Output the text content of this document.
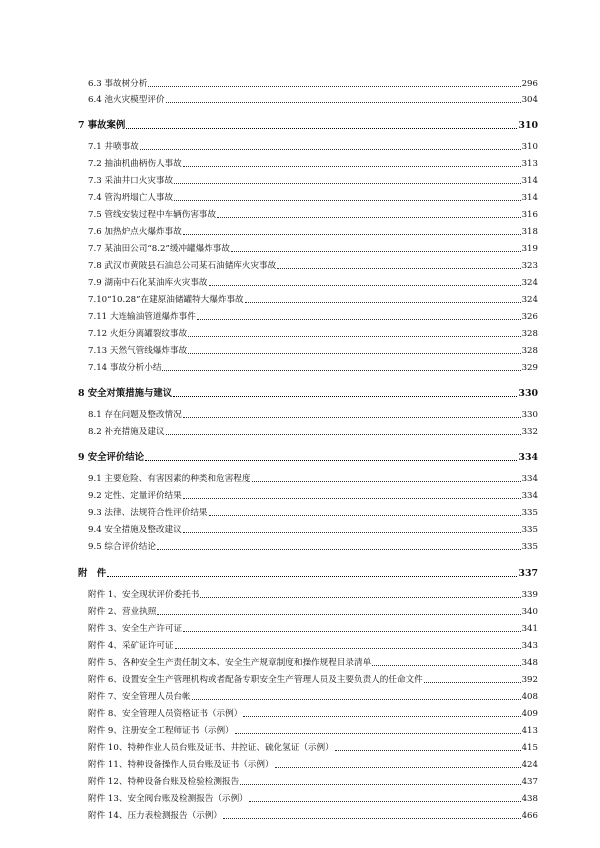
6.3 事故树分析	296
6.4 池火灾模型评价	304
7 事故案例	310
7.1 井喷事故	310
7.2 抽油机曲柄伤人事故	313
7.3 采油井口火灾事故	314
7.4 管沟坍塌亡人事故	314
7.5 管线安装过程中车辆伤害事故	316
7.6 加热炉点火爆炸事故	318
7.7 某油田公司“8.2”缓冲罐爆炸事故	319
7.8 武汉市黄陂县石油总公司某石油储库火灾事故	323
7.9 湖南中石化某油库火灾事故	324
7.10“10.28”在建原油储罐特大爆炸事故	324
7.11 大连输油管道爆炸事件	326
7.12 火炬分离罐裂纹事故	328
7.13 天然气管线爆炸事故	328
7.14 事故分析小结	329
8 安全对策措施与建议	330
8.1 存在问题及整改情况	330
8.2 补充措施及建议	332
9 安全评价结论	334
9.1 主要危险、有害因素的种类和危害程度	334
9.2 定性、定量评价结果	334
9.3 法律、法规符合性评价结果	335
9.4 安全措施及整改建议	335
9.5 综合评价结论	335
附　件	337
附件 1、安全现状评价委托书	339
附件 2、营业执照	340
附件 3、安全生产许可证	341
附件 4、采矿证许可证	343
附件 5、各种安全生产责任制文本、安全生产规章制度和操作规程目录清单	348
附件 6、设置安全生产管理机构或者配备专职安全生产管理人员及主要负责人的任命文件	392
附件 7、安全管理人员台帐	408
附件 8、安全管理人员资格证书（示例）	409
附件 9、注册安全工程师证书（示例）	413
附件 10、特种作业人员台账及证书、井控证、硫化氢证（示例）	415
附件 11、特种设备操作人员台账及证书（示例）	424
附件 12、特种设备台账及检验检测报告	437
附件 13、安全阀台账及检测报告（示例）	438
附件 14、压力表检测报告（示例）	466
